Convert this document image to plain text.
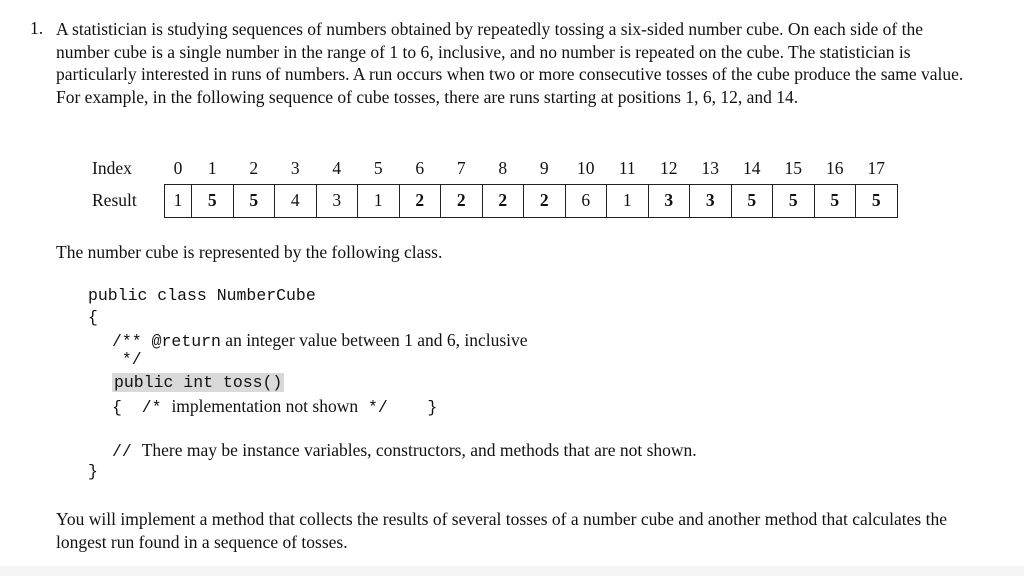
1. A statistician is studying sequences of numbers obtained by repeatedly tossing a six-sided number cube. On each side of the number cube is a single number in the range of 1 to 6, inclusive, and no number is repeated on the cube. The statistician is particularly interested in runs of numbers. A run occurs when two or more consecutive tosses of the cube produce the same value. For example, in the following sequence of cube tosses, there are runs starting at positions 1, 6, 12, and 14.

Index	0	1	2	3	4	5	6	7	8	9	10	11	12	13	14	15	16	17

Result	1	5	5	4	3	1	2	2	2	2	6	1	3	3	5	5	5	5

The number cube is represented by the following class.

public class NumberCube
{
/** @return an integer value between 1 and 6, inclusive
*/
public int toss()
{  /* implementation not shown */    }
// There may be instance variables, constructors, and methods that are not shown.
}

You will implement a method that collects the results of several tosses of a number cube and another method that calculates the longest run found in a sequence of tosses.
